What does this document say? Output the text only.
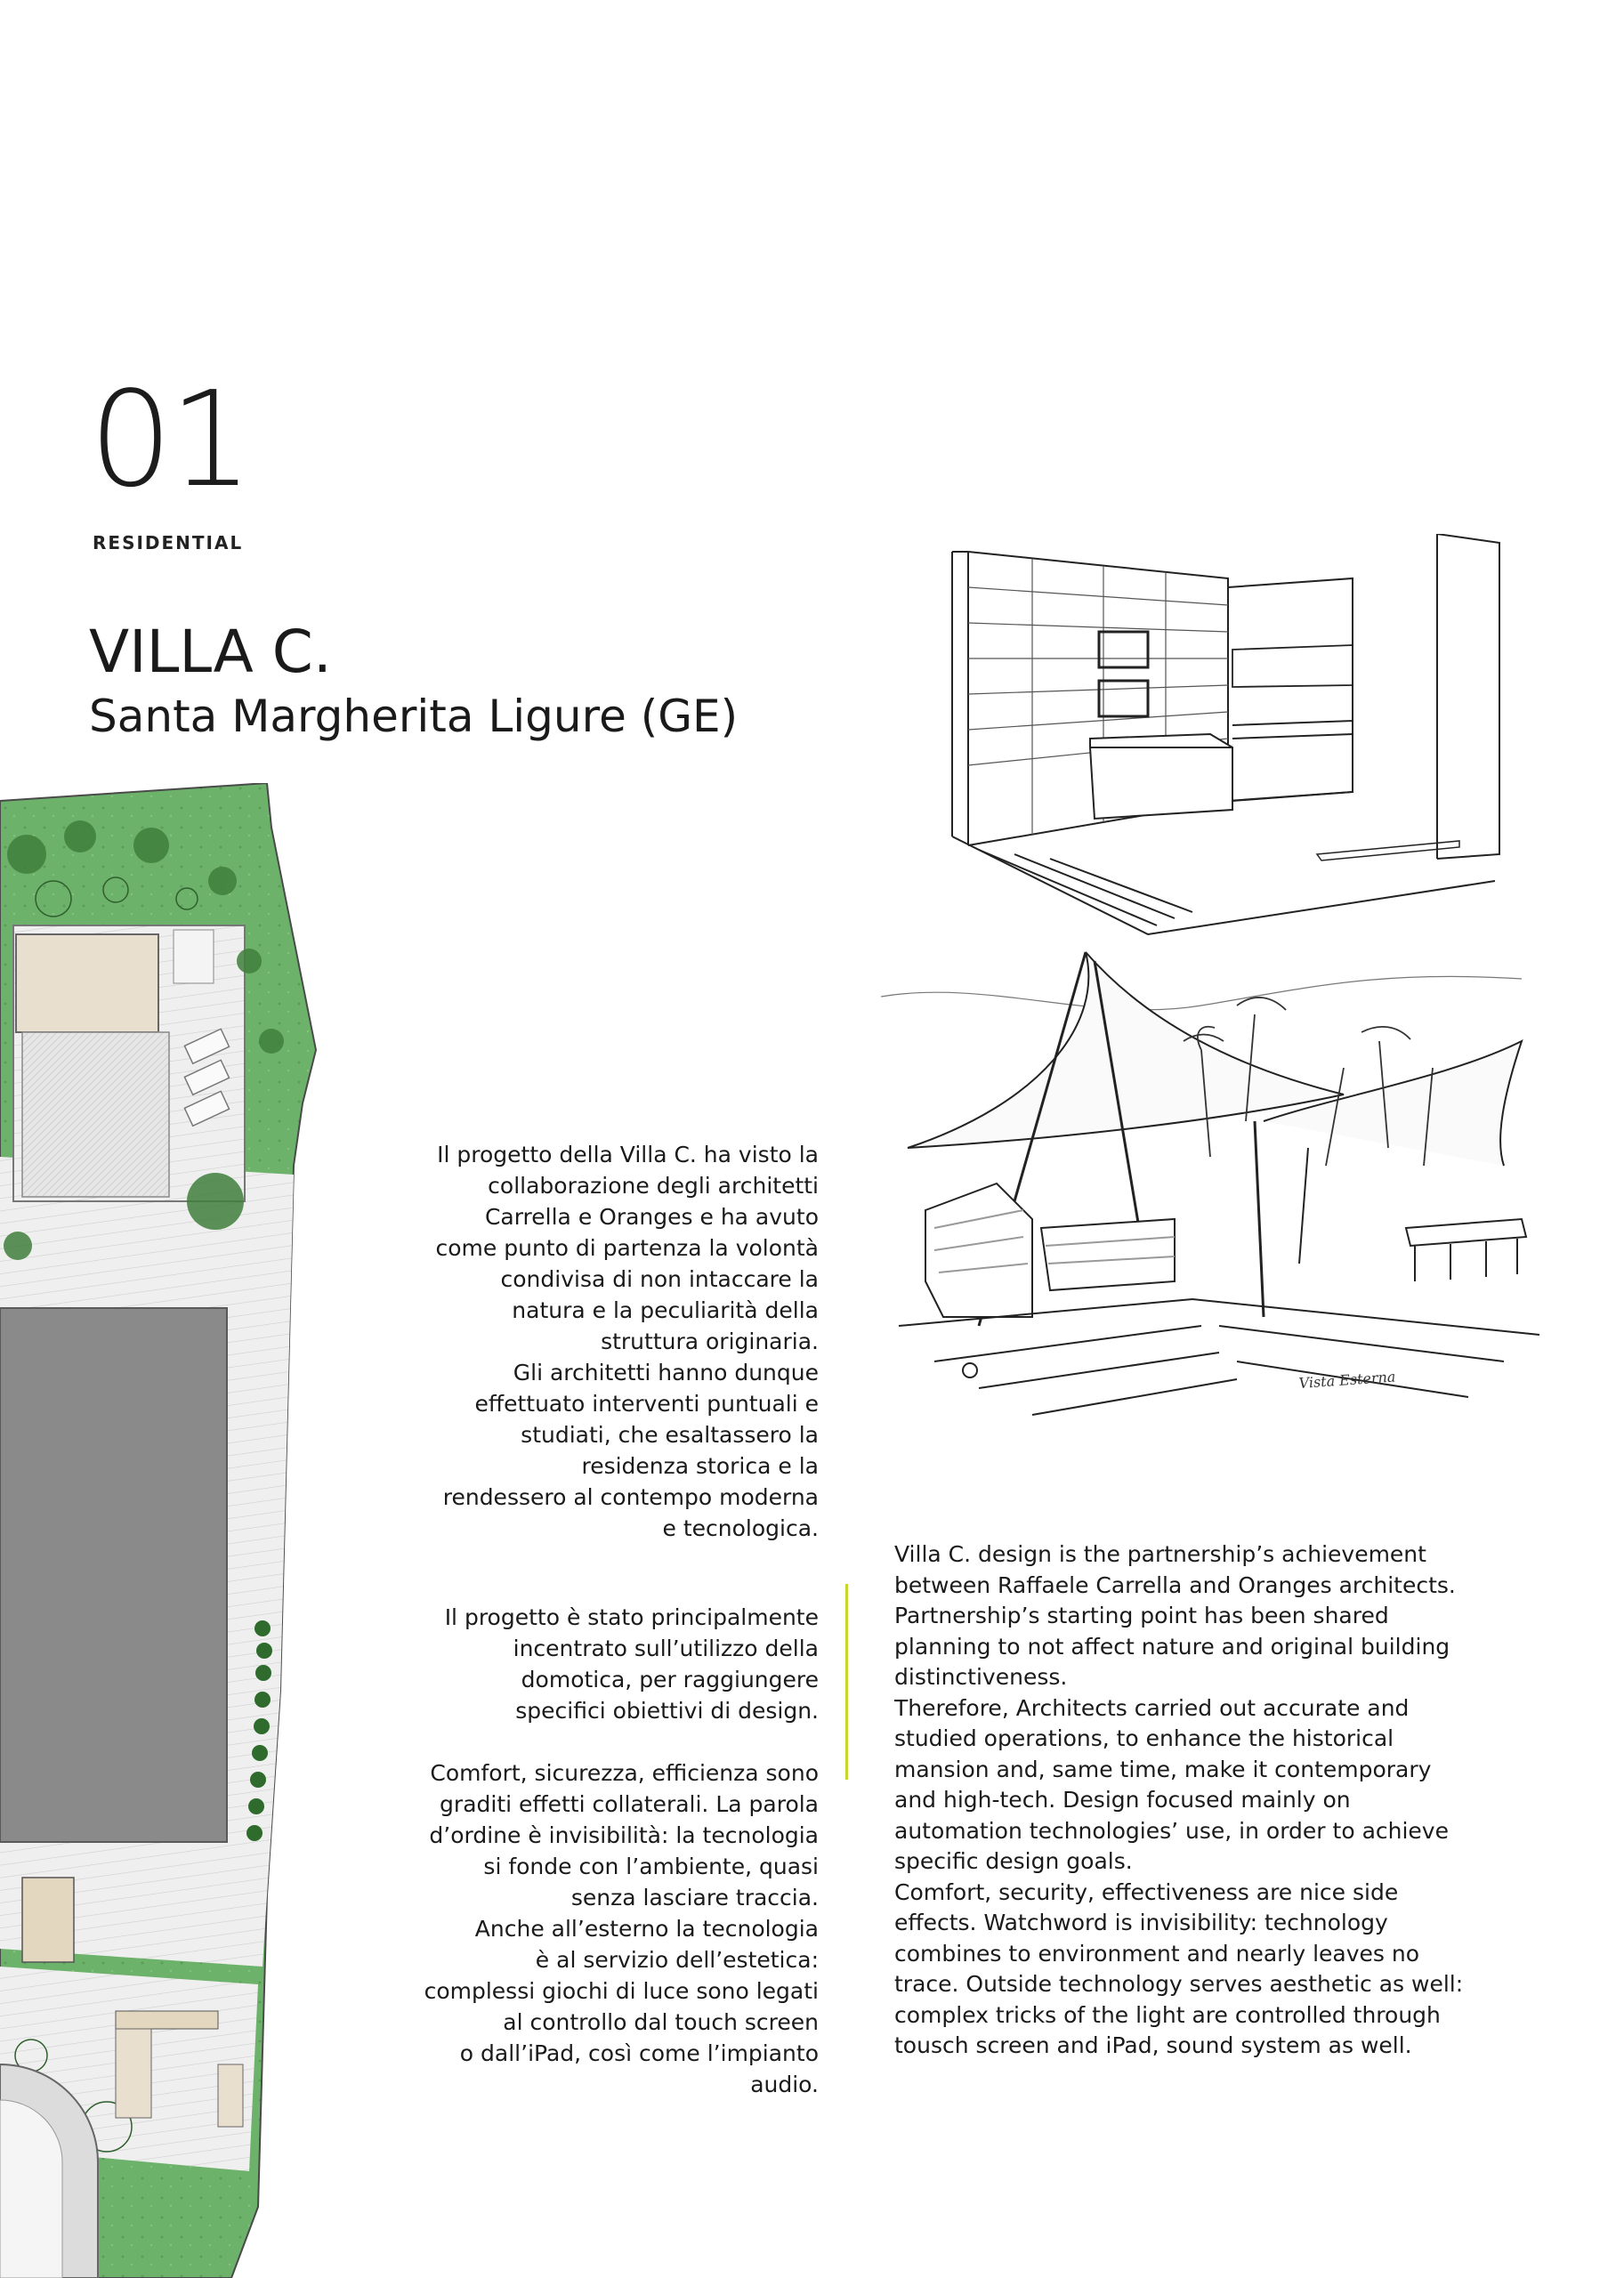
Vista Esterna
01
RESIDENTIAL
VILLA C.
Santa Margherita Ligure (GE)
Il progetto della Villa C. ha visto la
collaborazione degli architetti
Carrella e Oranges e ha avuto
come punto di partenza la volontà
condivisa di non intaccare la
natura e la peculiarità della
struttura originaria.
Gli architetti hanno dunque
effettuato interventi puntuali e
studiati, che esaltassero la
residenza storica e la
rendessero al contempo moderna
e tecnologica.
Il progetto è stato principalmente
incentrato sull’utilizzo della
domotica, per raggiungere
specifici obiettivi di design.
Comfort, sicurezza, efficienza sono
graditi effetti collaterali. La parola
d’ordine è invisibilità: la tecnologia
si fonde con l’ambiente, quasi
senza lasciare traccia.
Anche all’esterno la tecnologia
è al servizio dell’estetica:
complessi giochi di luce sono legati
al controllo dal touch screen
o dall’iPad, così come l’impianto
audio.
Villa C. design is the partnership’s achievement
between Raffaele Carrella and Oranges architects.
Partnership’s starting point has been shared
planning to not affect nature and original building
distinctiveness.
Therefore, Architects carried out accurate and
studied operations, to enhance the historical
mansion and, same time, make it contemporary
and high-tech. Design focused mainly on
automation technologies’ use, in order to achieve
specific design goals.
Comfort, security, effectiveness are nice side
effects. Watchword is invisibility: technology
combines to environment and nearly leaves no
trace. Outside technology serves aesthetic as well:
complex tricks of the light are controlled through
tousch screen and iPad, sound system as well.
